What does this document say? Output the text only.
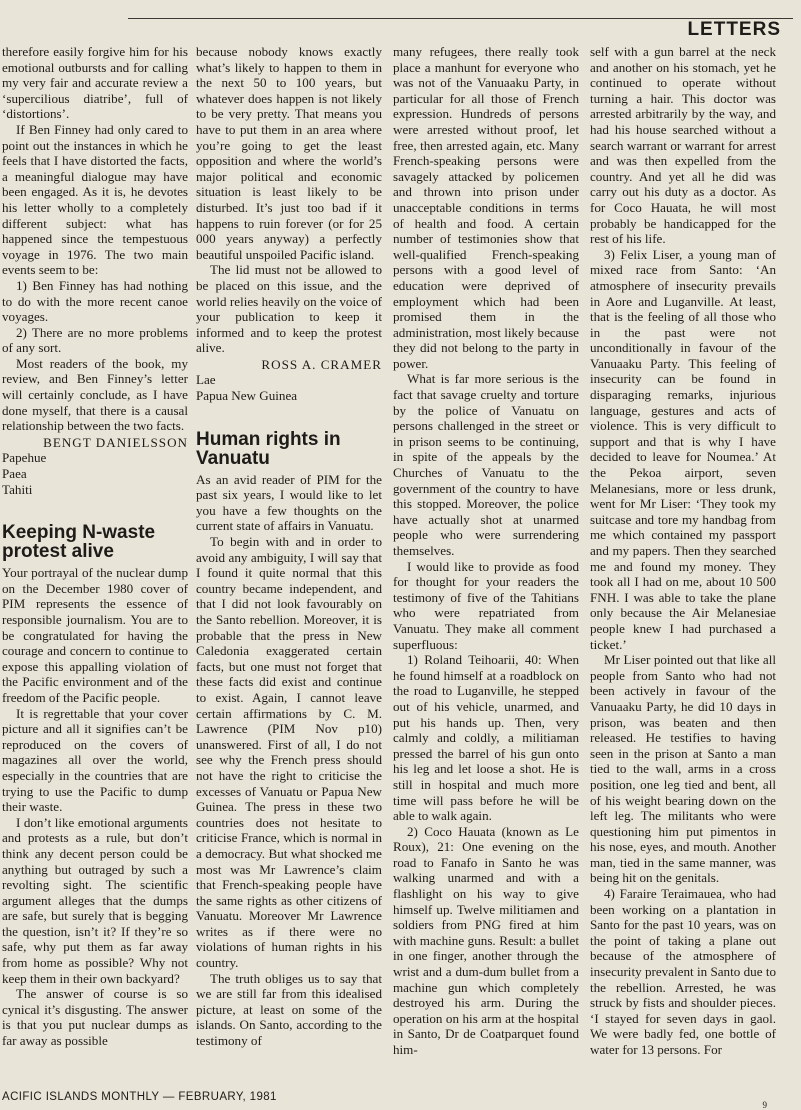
LETTERS

therefore easily forgive him for his emotional outbursts and for calling my very fair and accurate review a ‘supercilious diatribe’, full of ‘distortions’.

If Ben Finney had only cared to point out the instances in which he feels that I have distorted the facts, a meaningful dialogue may have been engaged. As it is, he devotes his letter wholly to a completely different subject: what has happened since the tempestuous voyage in 1976. The two main events seem to be:

1) Ben Finney has had nothing to do with the more recent canoe voyages.

2) There are no more problems of any sort.

Most readers of the book, my review, and Ben Finney’s letter will certainly conclude, as I have done myself, that there is a causal relationship between the two facts.

BENGT DANIELSSON
Papehue
Paea
Tahiti
Keeping N-waste protest alive

Your portrayal of the nuclear dump on the December 1980 cover of PIM represents the essence of responsible journalism. You are to be congratulated for having the courage and concern to continue to expose this appalling violation of the Pacific environment and of the freedom of the Pacific people.

It is regrettable that your cover picture and all it signifies can’t be reproduced on the covers of magazines all over the world, especially in the countries that are trying to use the Pacific to dump their waste.

I don’t like emotional arguments and protests as a rule, but don’t think any decent person could be anything but outraged by such a revolting sight. The scientific argument alleges that the dumps are safe, but surely that is begging the question, isn’t it? If they’re so safe, why put them as far away from home as possible? Why not keep them in their own backyard?

The answer of course is so cynical it’s disgusting. The answer is that you put nuclear dumps as far away as possible

because nobody knows exactly what’s likely to happen to them in the next 50 to 100 years, but whatever does happen is not likely to be very pretty. That means you have to put them in an area where you’re going to get the least opposition and where the world’s major political and economic situation is least likely to be disturbed. It’s just too bad if it happens to ruin forever (or for 25 000 years anyway) a perfectly beautiful unspoiled Pacific island.

The lid must not be allowed to be placed on this issue, and the world relies heavily on the voice of your publication to keep it informed and to keep the protest alive.

ROSS A. CRAMER
Lae
Papua New Guinea
Human rights in Vanuatu

As an avid reader of PIM for the past six years, I would like to let you have a few thoughts on the current state of affairs in Vanuatu.

To begin with and in order to avoid any ambiguity, I will say that I found it quite normal that this country became independent, and that I did not look favourably on the Santo rebellion. Moreover, it is probable that the press in New Caledonia exaggerated certain facts, but one must not forget that these facts did exist and continue to exist. Again, I cannot leave certain affirmations by C. M. Lawrence (PIM Nov p10) unanswered. First of all, I do not see why the French press should not have the right to criticise the excesses of Vanuatu or Papua New Guinea. The press in these two countries does not hesitate to criticise France, which is normal in a democracy. But what shocked me most was Mr Lawrence’s claim that French-speaking people have the same rights as other citizens of Vanuatu. Moreover Mr Lawrence writes as if there were no violations of human rights in his country.

The truth obliges us to say that we are still far from this idealised picture, at least on some of the islands. On Santo, according to the testimony of

many refugees, there really took place a manhunt for everyone who was not of the Vanuaaku Party, in particular for all those of French expression. Hundreds of persons were arrested without proof, let free, then arrested again, etc. Many French-speaking persons were savagely attacked by policemen and thrown into prison under unacceptable conditions in terms of health and food. A certain number of testimonies show that well-qualified French-speaking persons with a good level of education were deprived of employment which had been promised them in the administration, most likely because they did not belong to the party in power.

What is far more serious is the fact that savage cruelty and torture by the police of Vanuatu on persons challenged in the street or in prison seems to be continuing, in spite of the appeals by the Churches of Vanuatu to the government of the country to have this stopped. Moreover, the police have actually shot at unarmed people who were surrendering themselves.

I would like to provide as food for thought for your readers the testimony of five of the Tahitians who were repatriated from Vanuatu. They make all comment superfluous:

1) Roland Teihoarii, 40: When he found himself at a roadblock on the road to Luganville, he stepped out of his vehicle, unarmed, and put his hands up. Then, very calmly and coldly, a militiaman pressed the barrel of his gun onto his leg and let loose a shot. He is still in hospital and much more time will pass before he will be able to walk again.

2) Coco Hauata (known as Le Roux), 21: One evening on the road to Fanafo in Santo he was walking unarmed and with a flashlight on his way to give himself up. Twelve militiamen and soldiers from PNG fired at him with machine guns. Result: a bullet in one finger, another through the wrist and a dum-dum bullet from a machine gun which completely destroyed his arm. During the operation on his arm at the hospital in Santo, Dr de Coatparquet found him-

self with a gun barrel at the neck and another on his stomach, yet he continued to operate without turning a hair. This doctor was arrested arbitrarily by the way, and had his house searched without a search warrant or warrant for arrest and was then expelled from the country. And yet all he did was carry out his duty as a doctor. As for Coco Hauata, he will most probably be handicapped for the rest of his life.

3) Felix Liser, a young man of mixed race from Santo: ‘An atmosphere of insecurity prevails in Aore and Luganville. At least, that is the feeling of all those who in the past were not unconditionally in favour of the Vanuaaku Party. This feeling of insecurity can be found in disparaging remarks, injurious language, gestures and acts of violence. This is very difficult to support and that is why I have decided to leave for Noumea.’ At the Pekoa airport, seven Melanesians, more or less drunk, went for Mr Liser: ‘They took my suitcase and tore my handbag from me which contained my passport and my papers. Then they searched me and found my money. They took all I had on me, about 10 500 FNH. I was able to take the plane only because the Air Melanesiae people knew I had purchased a ticket.’

Mr Liser pointed out that like all people from Santo who had not been actively in favour of the Vanuaaku Party, he did 10 days in prison, was beaten and then released. He testifies to having seen in the prison at Santo a man tied to the wall, arms in a cross position, one leg tied and bent, all of his weight bearing down on the left leg. The militants who were questioning him put pimentos in his nose, eyes, and mouth. Another man, tied in the same manner, was being hit on the genitals.

4) Faraire Teraimauea, who had been working on a plantation in Santo for the past 10 years, was on the point of taking a plane out because of the atmosphere of insecurity prevalent in Santo due to the rebellion. Arrested, he was struck by fists and shoulder pieces. ‘I stayed for seven days in gaol. We were badly fed, one bottle of water for 13 persons. For

ACIFIC ISLANDS MONTHLY — FEBRUARY, 1981
9
